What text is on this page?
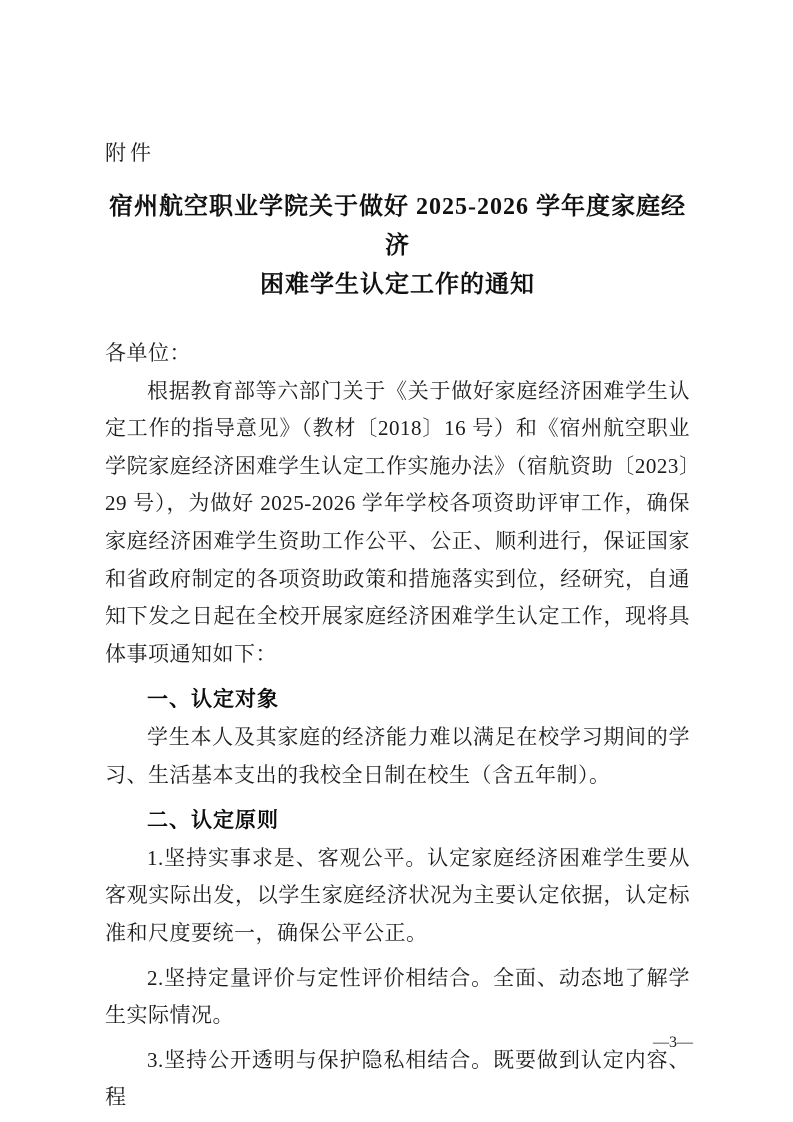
附件
宿州航空职业学院关于做好 2025-2026 学年度家庭经济
困难学生认定工作的通知
各单位：

根据教育部等六部门关于《关于做好家庭经济困难学生认定工作的指导意见》（教材〔2018〕16 号）和《宿州航空职业学院家庭经济困难学生认定工作实施办法》（宿航资助〔2023〕29 号），为做好 2025-2026 学年学校各项资助评审工作，确保家庭经济困难学生资助工作公平、公正、顺利进行，保证国家和省政府制定的各项资助政策和措施落实到位，经研究，自通知下发之日起在全校开展家庭经济困难学生认定工作，现将具体事项通知如下：

一、认定对象

学生本人及其家庭的经济能力难以满足在校学习期间的学习、生活基本支出的我校全日制在校生（含五年制）。

二、认定原则

1.坚持实事求是、客观公平。认定家庭经济困难学生要从客观实际出发，以学生家庭经济状况为主要认定依据，认定标准和尺度要统一，确保公平公正。

2.坚持定量评价与定性评价相结合。全面、动态地了解学生实际情况。

3.坚持公开透明与保护隐私相结合。既要做到认定内容、程

—3—
